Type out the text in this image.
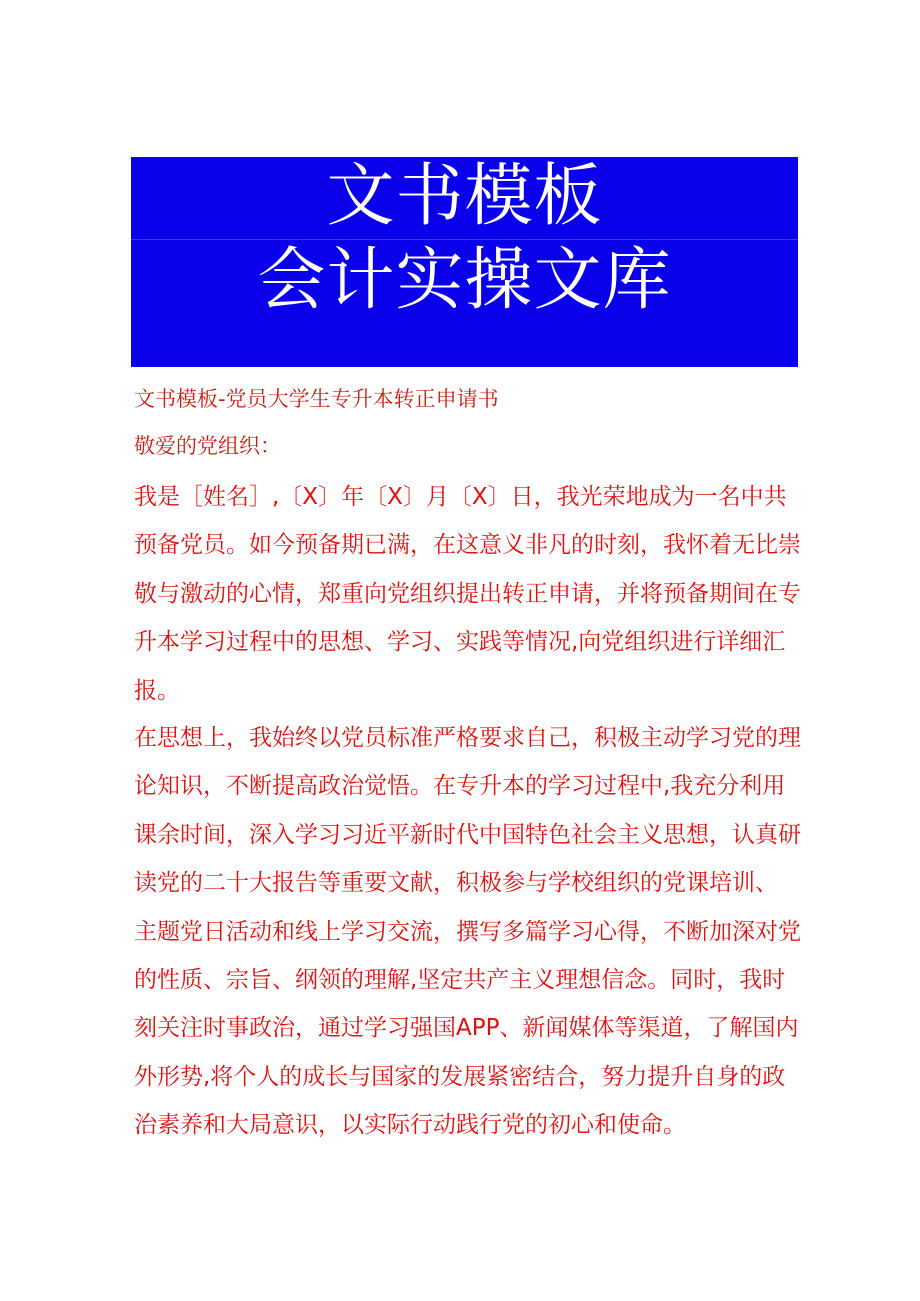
文书模板
会计实操文库
文书模板-党员大学生专升本转正申请书
敬爱的党组织：
我是［姓名］,〔X〕年〔X〕月〔X〕日，我光荣地成为一名中共
预备党员。如今预备期已满，在这意义非凡的时刻，我怀着无比崇
敬与激动的心情，郑重向党组织提出转正申请，并将预备期间在专
升本学习过程中的思想、学习、实践等情况,向党组织进行详细汇
报。
在思想上，我始终以党员标准严格要求自己，积极主动学习党的理
论知识，不断提高政治觉悟。在专升本的学习过程中,我充分利用
课余时间，深入学习习近平新时代中国特色社会主义思想，认真研
读党的二十大报告等重要文献，积极参与学校组织的党课培训、
主题党日活动和线上学习交流，撰写多篇学习心得，不断加深对党
的性质、宗旨、纲领的理解,坚定共产主义理想信念。同时，我时
刻关注时事政治，通过学习强国APP、新闻媒体等渠道，了解国内
外形势,将个人的成长与国家的发展紧密结合，努力提升自身的政
治素养和大局意识，以实际行动践行党的初心和使命。
